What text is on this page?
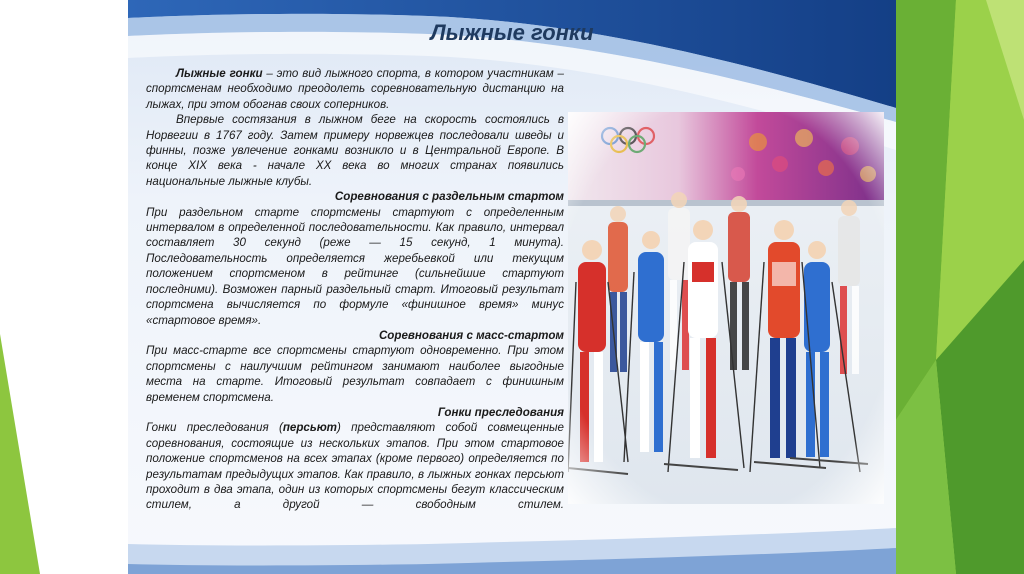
Лыжные гонки

Лыжные гонки – это вид лыжного спорта, в котором участникам – спортсменам необходимо преодолеть соревновательную дистанцию на лыжах, при этом обогнав своих соперников.

Впервые состязания в лыжном беге на скорость состоялись в Норвегии в 1767 году. Затем примеру норвежцев последовали шведы и финны, позже увлечение гонками возникло и в Центральной Европе. В конце XIX века - начале XX века во многих странах появились национальные лыжные клубы.

Соревнования с раздельным стартом

При раздельном старте спортсмены стартуют с определенным интервалом в определенной последовательности. Как правило, интервал составляет 30 секунд (реже — 15 секунд, 1 минута). Последовательность определяется жеребьевкой или текущим положением спортсменом в рейтинге (сильнейшие стартуют последними). Возможен парный раздельный старт. Итоговый результат спортсмена вычисляется по формуле «финишное время» минус «стартовое время».

Соревнования с масс-стартом

При масс-старте все спортсмены стартуют одновременно. При этом спортсмены с наилучшим рейтингом занимают наиболее выгодные места на старте. Итоговый результат совпадает с финишным временем спортсмена.

Гонки преследования

Гонки преследования (персьют) представляют собой совмещенные соревнования, состоящие из нескольких этапов. При этом стартовое положение спортсменов на всех этапах (кроме первого) определяется по результатам предыдущих этапов. Как правило, в лыжных гонках персьют проходит в два этапа, один из которых спортсмены бегут классическим стилем, а другой — свободным стилем.
